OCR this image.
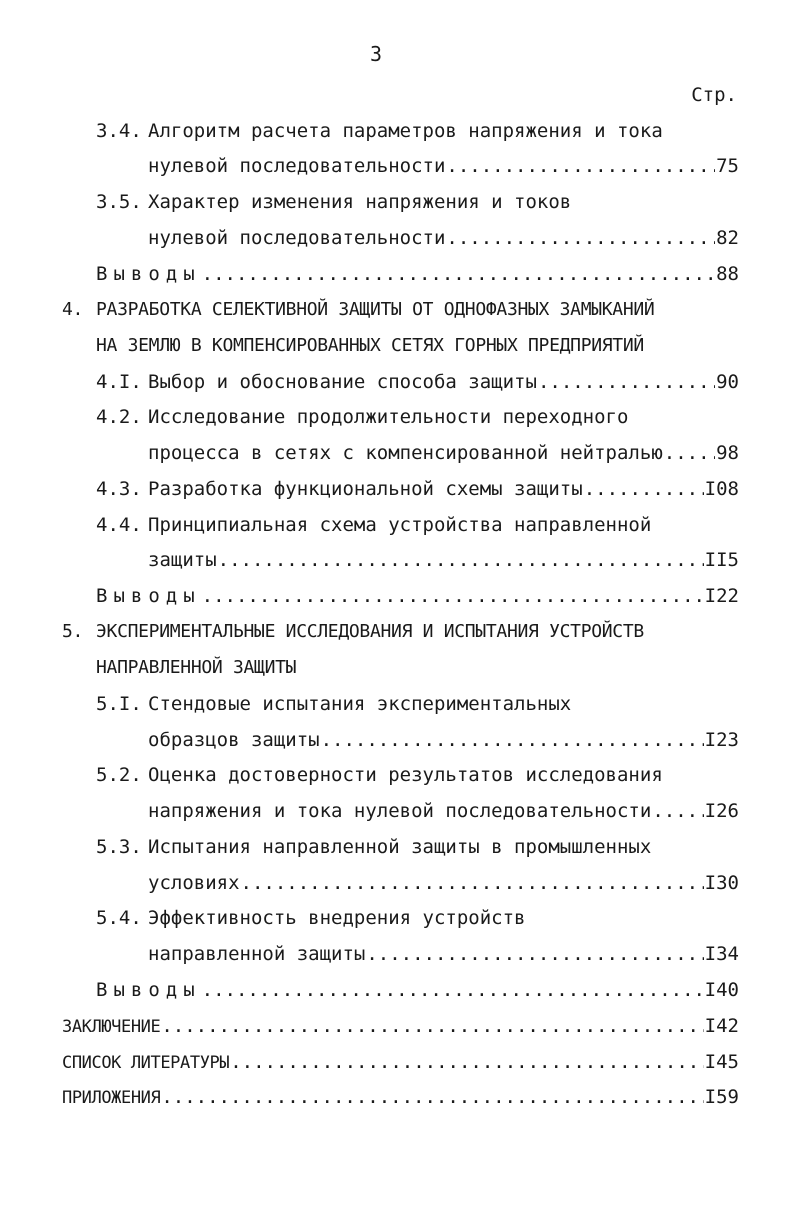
3
Стр.
3.4. Алгоритм расчета параметров напряжения и тока
нулевой последовательности .....	75
3.5. Характер изменения напряжения и токов
нулевой последовательности .....	82
Выводы .....	88
4. РАЗРАБОТКА СЕЛЕКТИВНОЙ ЗАЩИТЫ ОТ ОДНОФАЗНЫХ ЗАМЫКАНИЙ
НА ЗЕМЛЮ В КОМПЕНСИРОВАННЫХ СЕТЯХ ГОРНЫХ ПРЕДПРИЯТИЙ
4.I. Выбор и обоснование способа защиты .....	90
4.2. Исследование продолжительности переходного
процесса в сетях с компенсированной нейтралью .....	98
4.3. Разработка функциональной схемы защиты .....	I08
4.4. Принципиальная схема устройства направленной
защиты .....	II5
Выводы .....	I22
5. ЭКСПЕРИМЕНТАЛЬНЫЕ ИССЛЕДОВАНИЯ И ИСПЫТАНИЯ УСТРОЙСТВ
НАПРАВЛЕННОЙ ЗАЩИТЫ
5.I. Стендовые испытания экспериментальных
образцов защиты .....	I23
5.2. Оценка достоверности результатов исследования
напряжения и тока нулевой последовательности .....	I26
5.3. Испытания направленной защиты в промышленных
условиях .....	I30
5.4. Эффективность внедрения устройств
направленной защиты .....	I34
Выводы .....	I40
ЗАКЛЮЧЕНИЕ .....	I42
СПИСОК ЛИТЕРАТУРЫ .....	I45
ПРИЛОЖЕНИЯ .....	I59
